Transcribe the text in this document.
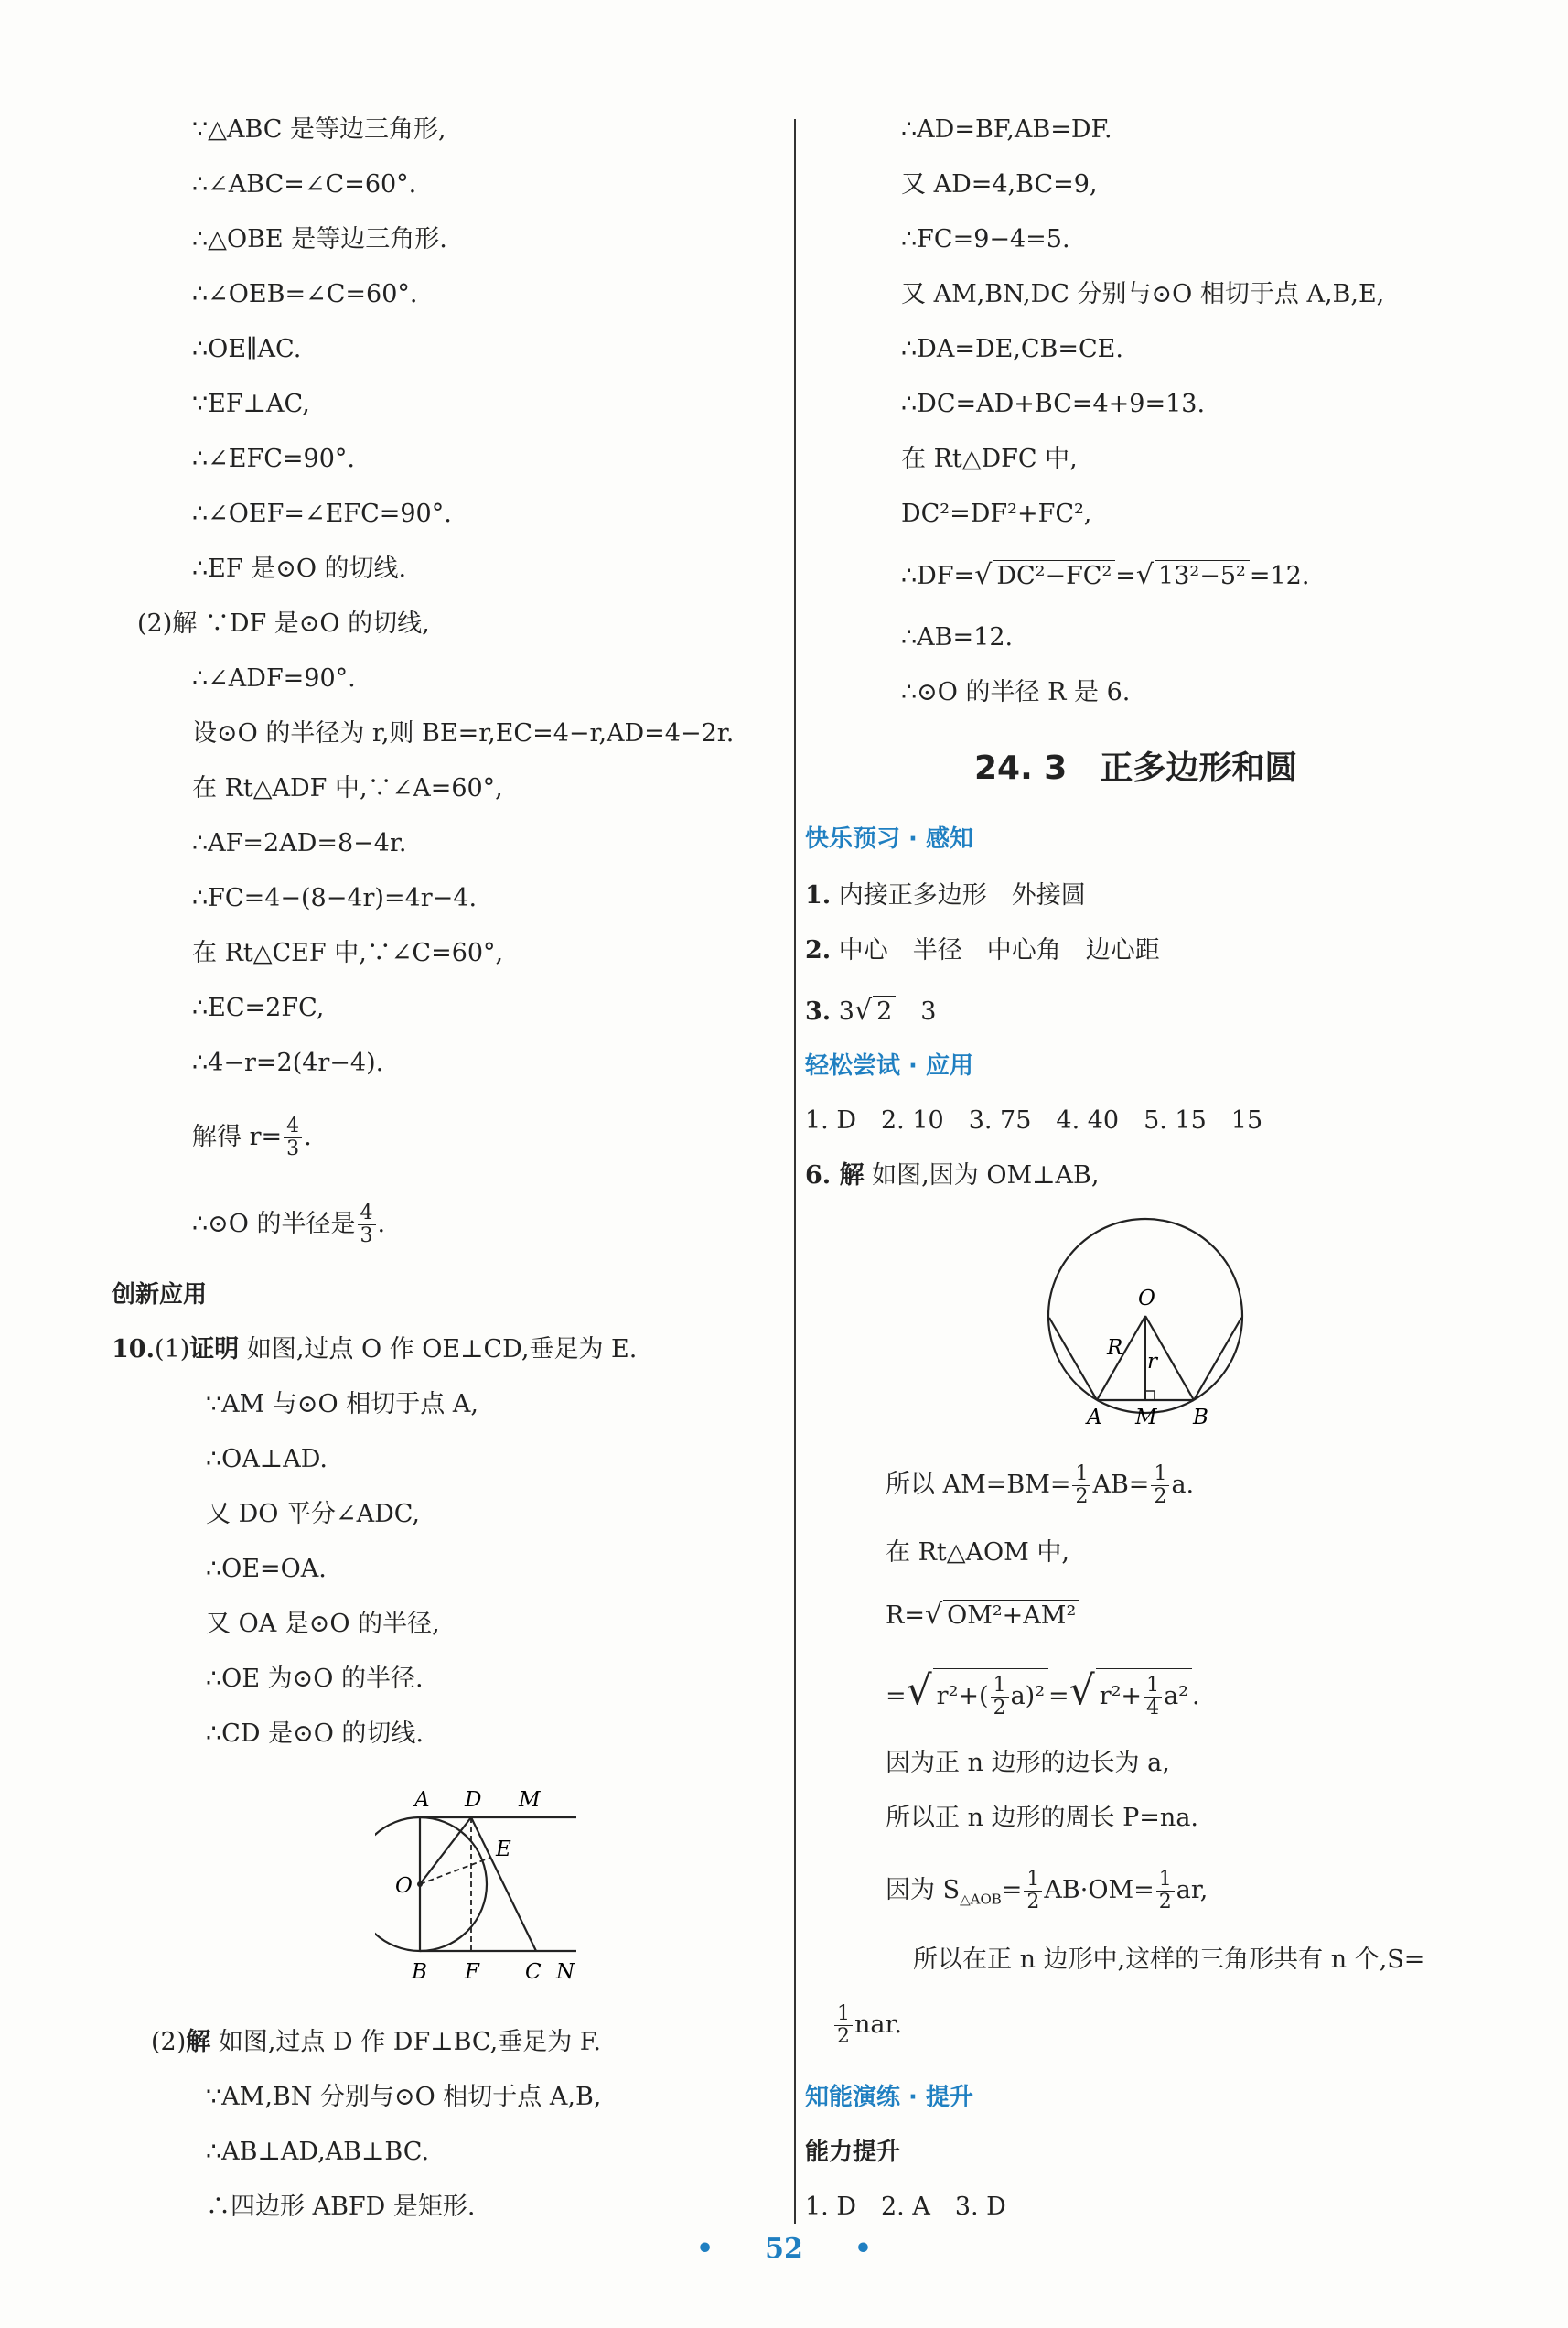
∵△ABC 是等边三角形,
∴∠ABC=∠C=60°.
∴△OBE 是等边三角形.
∴∠OEB=∠C=60°.
∴OE∥AC.
∵EF⊥AC,
∴∠EFC=90°.
∴∠OEF=∠EFC=90°.
∴EF 是⊙O 的切线.
(2)解 ∵DF 是⊙O 的切线,
∴∠ADF=90°.
设⊙O 的半径为 r,则 BE=r,EC=4−r,AD=4−2r.
在 Rt△ADF 中,∵∠A=60°,
∴AF=2AD=8−4r.
∴FC=4−(8−4r)=4r−4.
在 Rt△CEF 中,∵∠C=60°,
∴EC=2FC,
∴4−r=2(4r−4).
解得 $r= \frac{4}{3}$ .
∴⊙O 的半径是 $\frac{4}{3}$ .
创新应用
10.(1)证明 如图,过点 O 作 OE⊥CD,垂足为 E.
∵AM 与⊙O 相切于点 A,
∴OA⊥AD.
又 DO 平分∠ADC,
∴OE=OA.
又 OA 是⊙O 的半径,
∴OE 为⊙O 的半径.
∴CD 是⊙O 的切线.
A D M
E
O
B F C N
(2)解 如图,过点 D 作 DF⊥BC,垂足为 F.
∵AM,BN 分别与⊙O 相切于点 A,B,
∴AB⊥AD,AB⊥BC.
∴四边形 ABFD 是矩形.
∴AD=BF,AB=DF.
又 AD=4,BC=9,
∴FC=9−4=5.
又 AM,BN,DC 分别与⊙O 相切于点 A,B,E,
∴DA=DE,CB=CE.
∴DC=AD+BC=4+9=13.
在 Rt△DFC 中,
DC²=DF²+FC²,
∴DF=√ DC²−FC² =√ 13²−5² =12.
∴AB=12.
∴⊙O 的半径 R 是 6.
24. 3　正多边形和圆
快乐预习 · 感知
1. 内接正多边形　外接圆
2. 中心　半径　中心角　边心距
3. 3√ 2　3
轻松尝试 · 应用
1. D　2. 10　3. 75　4. 40　5. 15　15
6. 解 如图,因为 OM⊥AB,
O
R
r
A M B
所以 $AM=BM= \frac{1}{2} AB= \frac{1}{2} a$.
在 Rt△AOM 中,
R=√ OM²+AM²
=√ $r^2+( \frac{1}{2} a)^2$ =√ $r^2+ \frac{1}{4} a^2$ .
因为正 n 边形的边长为 a,
所以正 n 边形的周长 P=na.
因为 $S_{\triangle AOB}= \frac{1}{2} AB\cdot OM= \frac{1}{2}$ ar,
所以在正 n 边形中,这样的三角形共有 n 个,S=
$\frac{1}{2}$ nar.
知能演练 · 提升
能力提升
1. D　2. A　3. D
• 52 •
